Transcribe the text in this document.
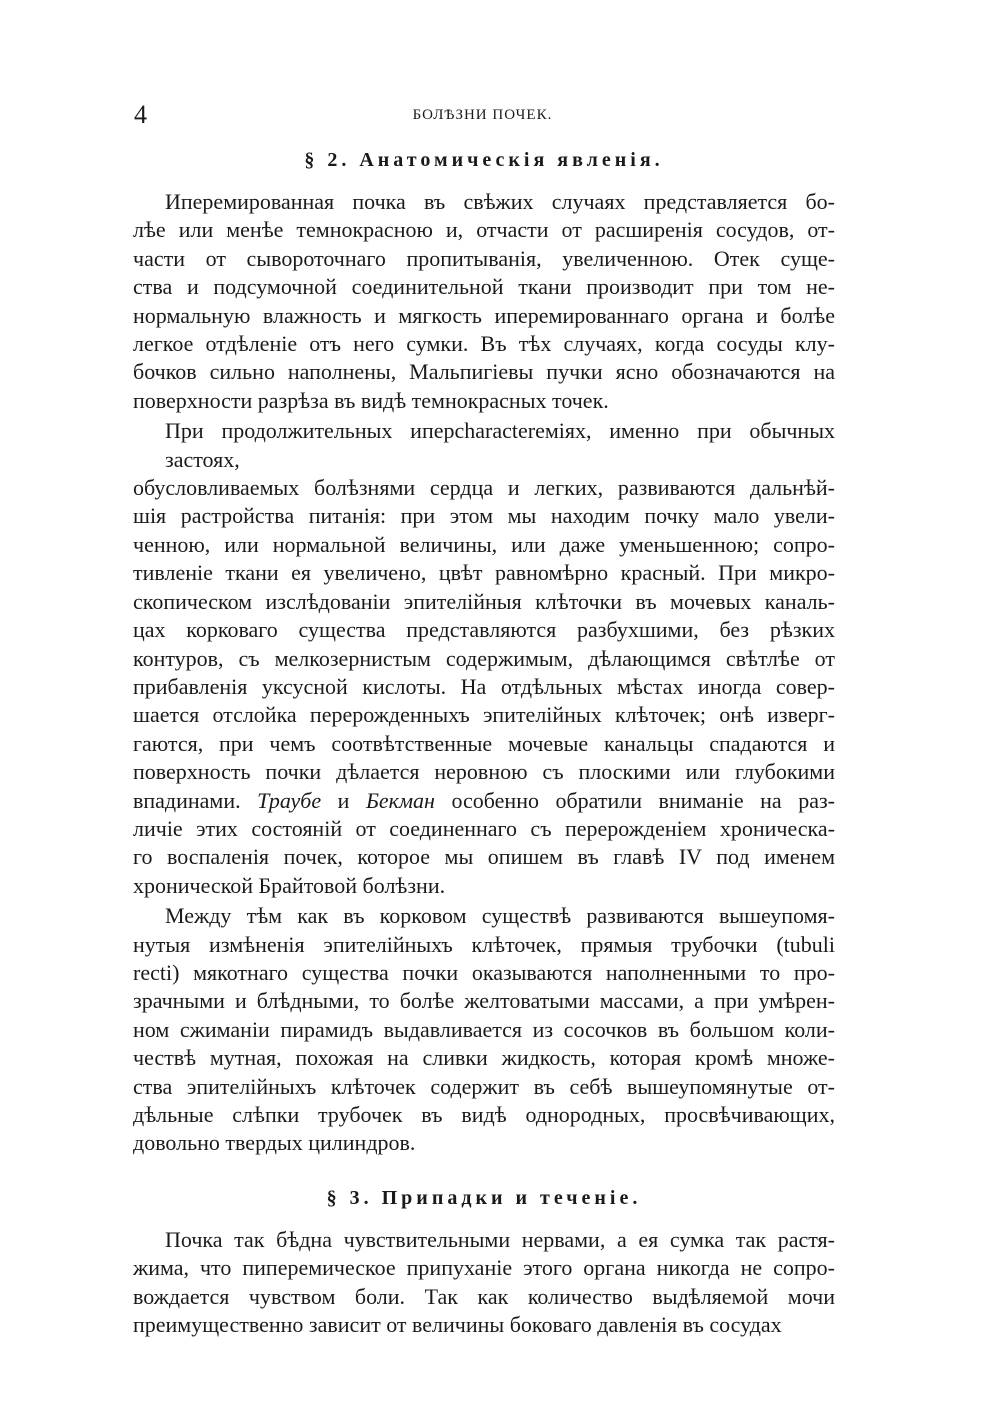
4	БОЛѢЗНИ ПОЧЕК.
§ 2. Анатомическія явленія.
Иперемированная почка въ свѣжих случаях представляется бо-
лѣе или менѣе темнокрасною и, отчасти от расширенія сосудов, от-
части от сывороточнаго пропитыванія, увеличенною. Отек суще-
ства и подсумочной соединительной ткани производит при том не-
нормальную влажность и мягкость иперемированнаго органа и болѣе
легкое отдѣленіе отъ него сумки. Въ тѣх случаях, когда сосуды клу-
бочков сильно наполнены, Мальпигіевы пучки ясно обозначаются на
поверхности разрѣза въ видѣ темнокрасных точек.
При продолжительных иперcharacterемiях, именно при обычных застоях,
обусловливаемых болѣзнями сердца и легких, развиваются дальнѣй-
шія растройства питанія: при этом мы находим почку мало увели-
ченною, или нормальной величины, или даже уменьшенною; сопро-
тивленіе ткани ея увеличено, цвѣт равномѣрно красный. При микро-
скопическом изслѣдованіи эпителiйныя клѣточки въ мочевых каналь-
цах корковаго существа представляются разбухшими, без рѣзких
контуров, съ мелкозернистым содержимым, дѣлающимся свѣтлѣе от
прибавленія уксусной кислоты. На отдѣльных мѣстах иногда совер-
шается отслойка перерожденныхъ эпителiйных клѣточек; онѣ изверг-
гаются, при чемъ соотвѣтственные мочевые канальцы спадаются и
поверхность почки дѣлается неровною съ плоскими или глубокими
впадинами. Траубе и Бекман особенно обратили вниманіе на раз-
личіе этих состояній от соединеннаго съ перерожденіем хроническа-
го воспаленія почек, которое мы опишем въ главѣ IV под именем
хронической Брайтовой болѣзни.
Между тѣм как въ корковом существѣ развиваются вышеупомя-
нутыя измѣненія эпителiйныхъ клѣточек, прямыя трубочки (tubuli
recti) мякотнаго существа почки оказываются наполненными то про-
зрачными и блѣдными, то болѣе желтоватыми массами, а при умѣрен-
ном сжиманіи пирамидъ выдавливается из сосочков въ большом коли-
чествѣ мутная, похожая на сливки жидкость, которая кромѣ множе-
ства эпителiйныхъ клѣточек содержит въ себѣ вышеупомянутые от-
дѣльные слѣпки трубочек въ видѣ однородных, просвѣчивающих,
довольно твердых цилиндров.
§ 3. Припадки и теченіе.
Почка так бѣдна чувствительными нервами, а ея сумка так растя-
жима, что пиперемическое припуханіе этого органа никогда не сопро-
вождается чувством боли. Так как количество выдѣляемой мочи
преимущественно зависит от величины боковаго давленія въ сосудах
